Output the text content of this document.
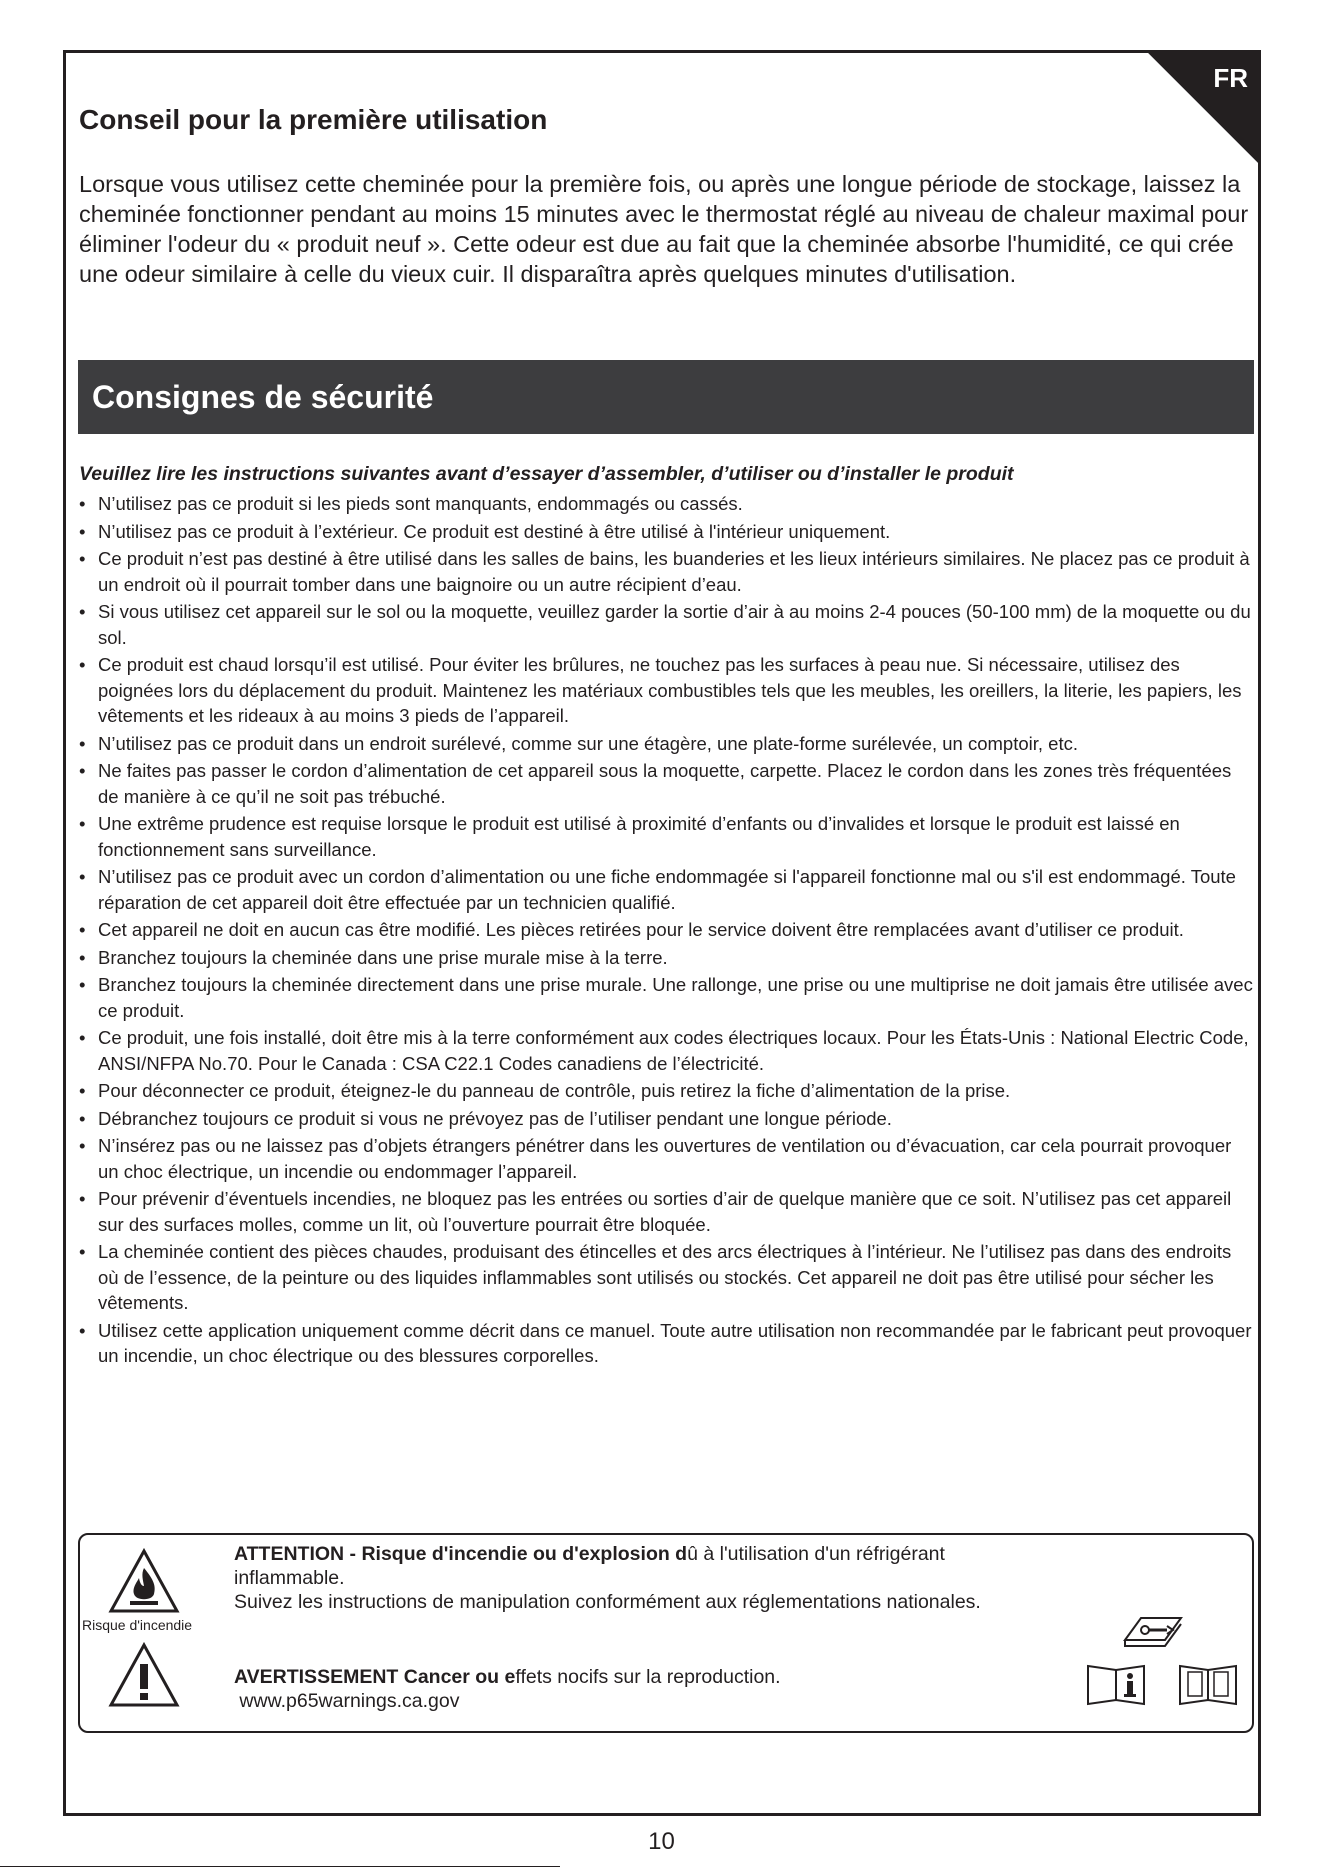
FR
Conseil pour la première utilisation

Lorsque vous utilisez cette cheminée pour la première fois, ou après une longue période de stockage, laissez la cheminée fonctionner pendant au moins 15 minutes avec le thermostat réglé au niveau de chaleur maximal pour éliminer l'odeur du « produit neuf ». Cette odeur est due au fait que la cheminée absorbe l'humidité, ce qui crée une odeur similaire à celle du vieux cuir. Il disparaîtra après quelques minutes d'utilisation.

Consignes de sécurité

Veuillez lire les instructions suivantes avant d’essayer d’assembler, d’utiliser ou d’installer le produit

• N’utilisez pas ce produit si les pieds sont manquants, endommagés ou cassés.
• N’utilisez pas ce produit à l’extérieur. Ce produit est destiné à être utilisé à l'intérieur uniquement.
• Ce produit n’est pas destiné à être utilisé dans les salles de bains, les buanderies et les lieux intérieurs similaires. Ne placez pas ce produit à un endroit où il pourrait tomber dans une baignoire ou un autre récipient d’eau.
• Si vous utilisez cet appareil sur le sol ou la moquette, veuillez garder la sortie d’air à au moins 2-4 pouces (50-100 mm) de la moquette ou du sol.
• Ce produit est chaud lorsqu’il est utilisé. Pour éviter les brûlures, ne touchez pas les surfaces à peau nue. Si nécessaire, utilisez des poignées lors du déplacement du produit. Maintenez les matériaux combustibles tels que les meubles, les oreillers, la literie, les papiers, les vêtements et les rideaux à au moins 3 pieds de l’appareil.
• N’utilisez pas ce produit dans un endroit surélevé, comme sur une étagère, une plate-forme surélevée, un comptoir, etc.
• Ne faites pas passer le cordon d’alimentation de cet appareil sous la moquette, carpette. Placez le cordon dans les zones très fréquentées de manière à ce qu’il ne soit pas trébuché.
• Une extrême prudence est requise lorsque le produit est utilisé à proximité d’enfants ou d’invalides et lorsque le produit est laissé en fonctionnement sans surveillance.
• N’utilisez pas ce produit avec un cordon d’alimentation ou une fiche endommagée si l'appareil fonctionne mal ou s'il est endommagé. Toute réparation de cet appareil doit être effectuée par un technicien qualifié.
• Cet appareil ne doit en aucun cas être modifié. Les pièces retirées pour le service doivent être remplacées avant d’utiliser ce produit.
• Branchez toujours la cheminée dans une prise murale mise à la terre.
• Branchez toujours la cheminée directement dans une prise murale. Une rallonge, une prise ou une multiprise ne doit jamais être utilisée avec ce produit.
• Ce produit, une fois installé, doit être mis à la terre conformément aux codes électriques locaux. Pour les États-Unis : National Electric Code, ANSI/NFPA No.70. Pour le Canada : CSA C22.1 Codes canadiens de l’électricité.
• Pour déconnecter ce produit, éteignez-le du panneau de contrôle, puis retirez la fiche d’alimentation de la prise.
• Débranchez toujours ce produit si vous ne prévoyez pas de l’utiliser pendant une longue période.
• N’insérez pas ou ne laissez pas d’objets étrangers pénétrer dans les ouvertures de ventilation ou d’évacuation, car cela pourrait provoquer un choc électrique, un incendie ou endommager l’appareil.
• Pour prévenir d’éventuels incendies, ne bloquez pas les entrées ou sorties d’air de quelque manière que ce soit. N’utilisez pas cet appareil sur des surfaces molles, comme un lit, où l’ouverture pourrait être bloquée.
• La cheminée contient des pièces chaudes, produisant des étincelles et des arcs électriques à l’intérieur. Ne l’utilisez pas dans des endroits où de l’essence, de la peinture ou des liquides inflammables sont utilisés ou stockés. Cet appareil ne doit pas être utilisé pour sécher les vêtements.
• Utilisez cette application uniquement comme décrit dans ce manuel. Toute autre utilisation non recommandée par le fabricant peut provoquer un incendie, un choc électrique ou des blessures corporelles.
Risque d'incendie
ATTENTION - Risque d'incendie ou d'explosion dû à l'utilisation d'un réfrigérant inflammable.
Suivez les instructions de manipulation conformément aux réglementations nationales.
AVERTISSEMENT Cancer ou effets nocifs sur la reproduction.
www.p65warnings.ca.gov
10
